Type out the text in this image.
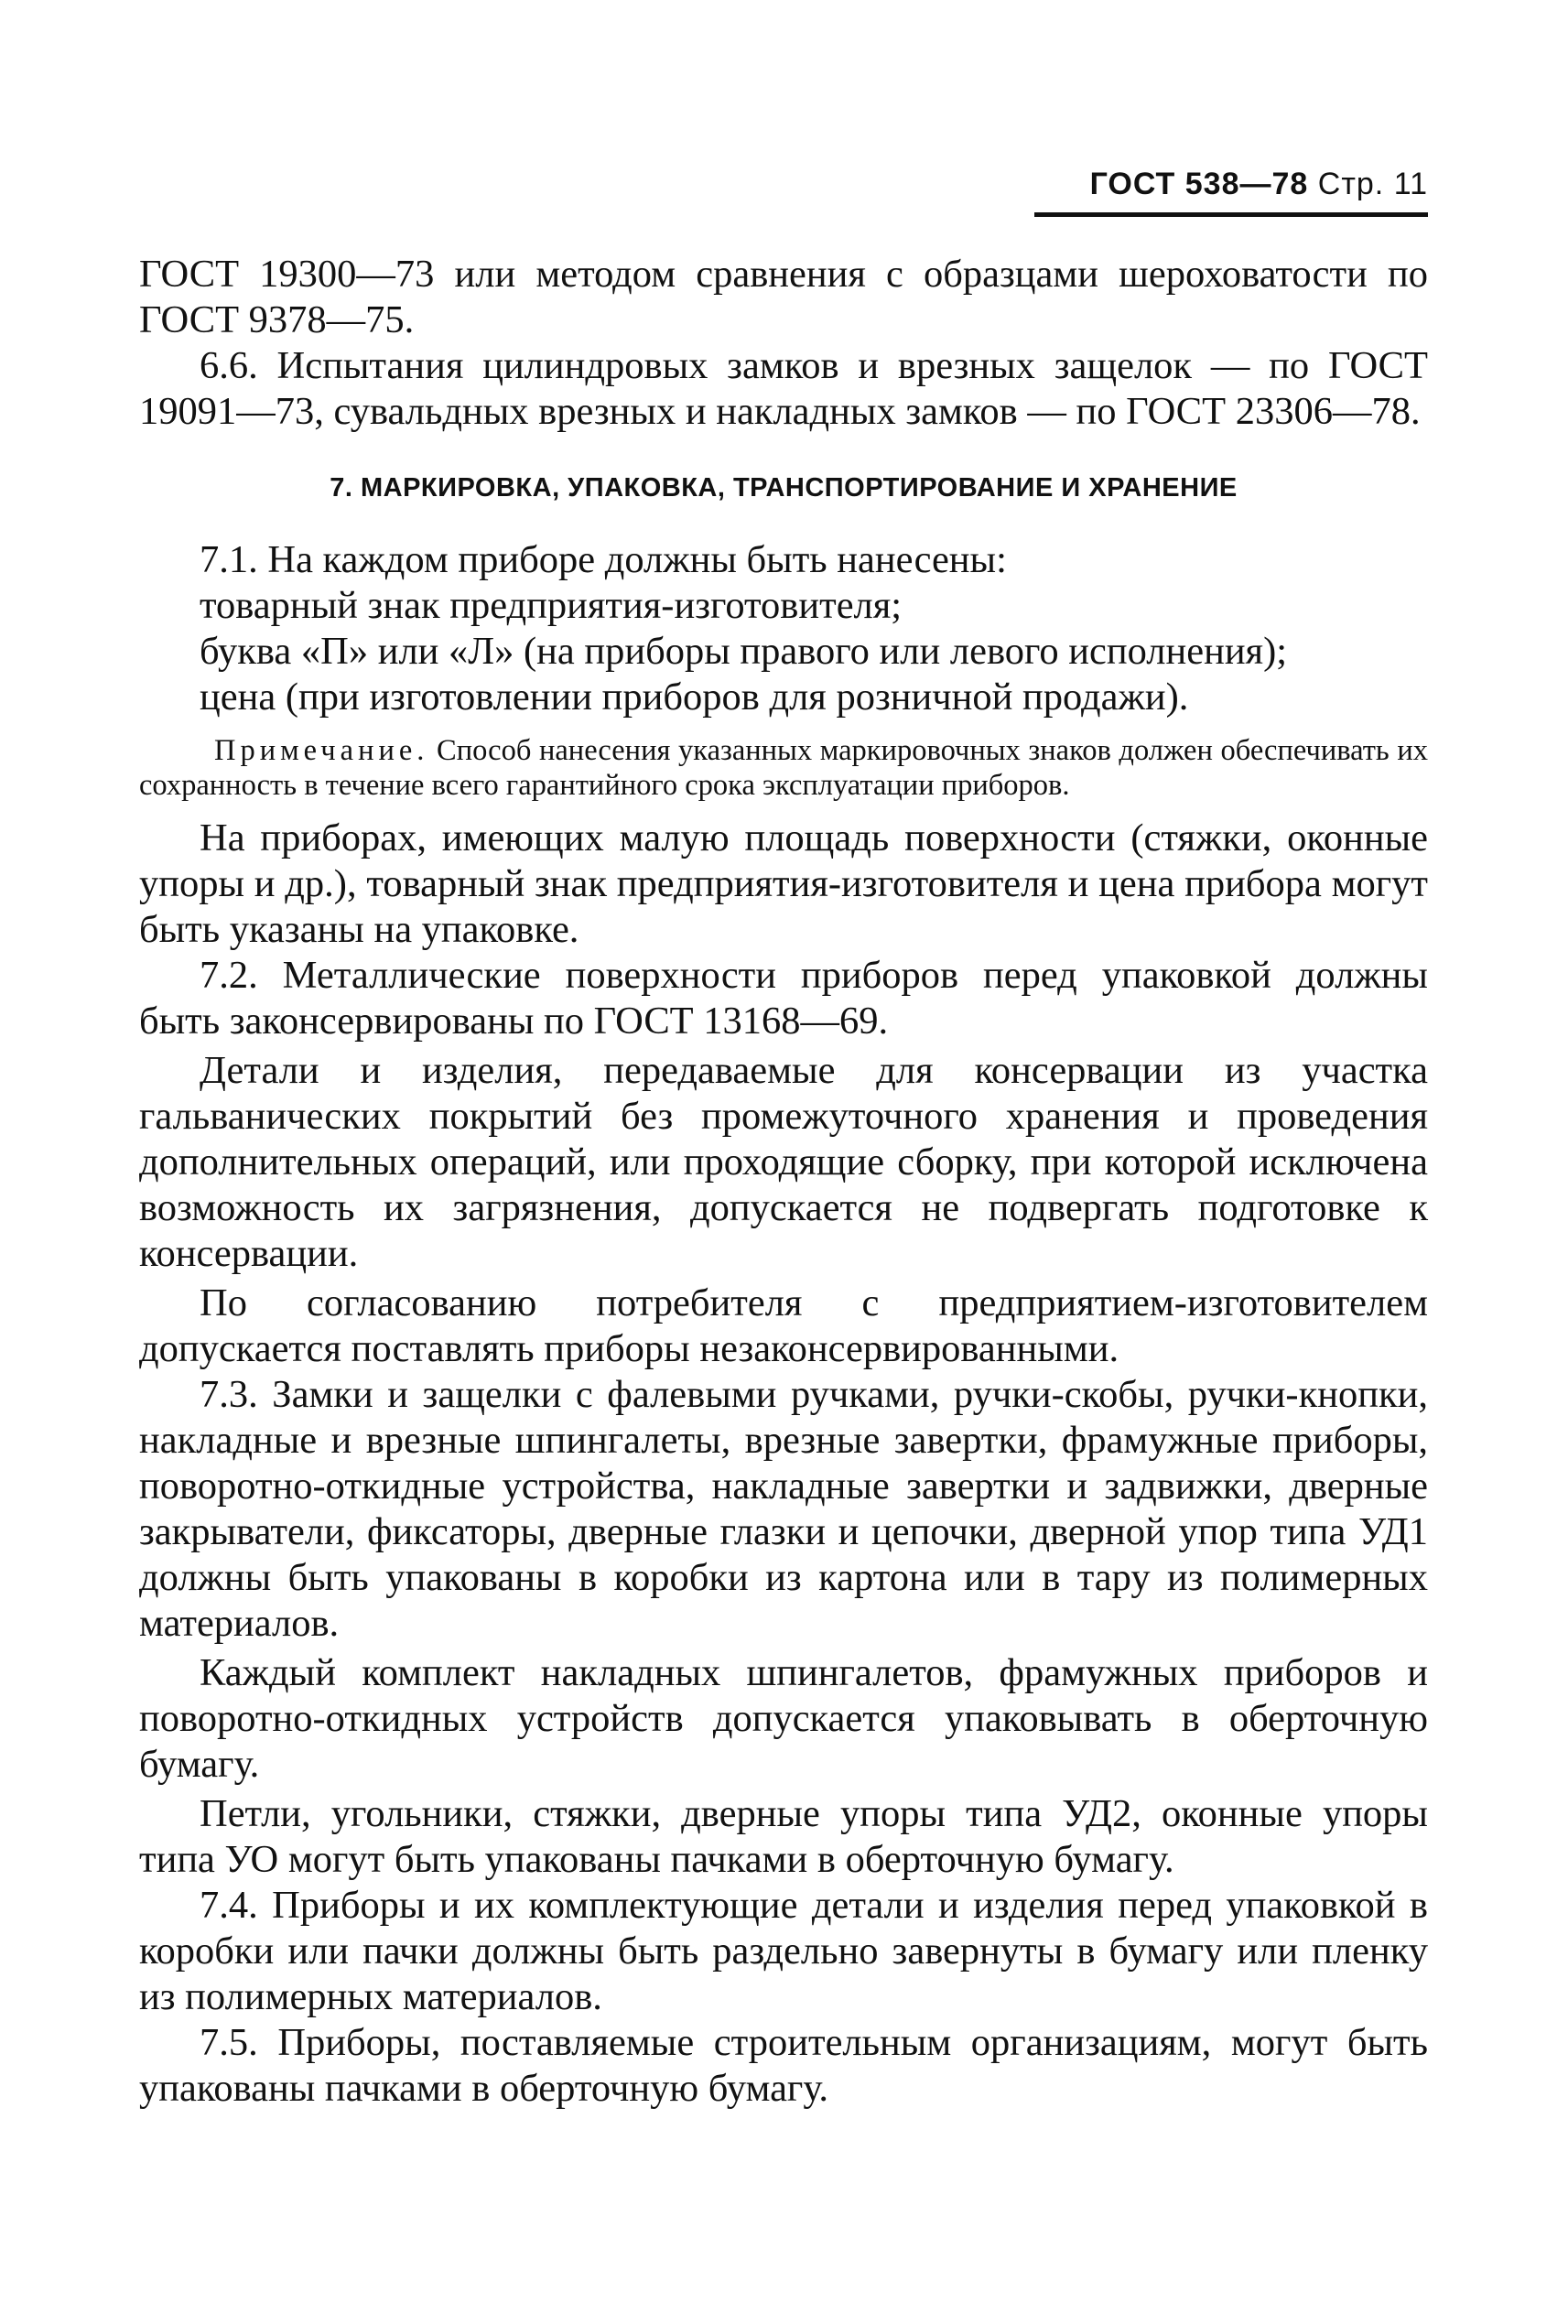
ГОСТ 538—78 Стр. 11

ГОСТ 19300—73 или методом сравнения с образцами шероховатости по ГОСТ 9378—75.

6.6. Испытания цилиндровых замков и врезных защелок — по ГОСТ 19091—73, сувальдных врезных и накладных замков — по ГОСТ 23306—78.

7. МАРКИРОВКА, УПАКОВКА, ТРАНСПОРТИРОВАНИЕ И ХРАНЕНИЕ

7.1. На каждом приборе должны быть нанесены:

товарный знак предприятия-изготовителя;

буква «П» или «Л» (на приборы правого или левого исполнения);

цена (при изготовлении приборов для розничной продажи).

Примечание. Способ нанесения указанных маркировочных знаков должен обеспечивать их сохранность в течение всего гарантийного срока эксплуатации приборов.

На приборах, имеющих малую площадь поверхности (стяжки, оконные упоры и др.), товарный знак предприятия-изготовителя и цена прибора могут быть указаны на упаковке.

7.2. Металлические поверхности приборов перед упаковкой должны быть законсервированы по ГОСТ 13168—69.

Детали и изделия, передаваемые для консервации из участка гальванических покрытий без промежуточного хранения и проведения дополнительных операций, или проходящие сборку, при которой исключена возможность их загрязнения, допускается не подвергать подготовке к консервации.

По согласованию потребителя с предприятием-изготовителем допускается поставлять приборы незаконсервированными.

7.3. Замки и защелки с фалевыми ручками, ручки-скобы, ручки-кнопки, накладные и врезные шпингалеты, врезные завертки, фрамужные приборы, поворотно-откидные устройства, накладные завертки и задвижки, дверные закрыватели, фиксаторы, дверные глазки и цепочки, дверной упор типа УД1 должны быть упакованы в коробки из картона или в тару из полимерных материалов.

Каждый комплект накладных шпингалетов, фрамужных приборов и поворотно-откидных устройств допускается упаковывать в оберточную бумагу.

Петли, угольники, стяжки, дверные упоры типа УД2, оконные упоры типа УО могут быть упакованы пачками в оберточную бумагу.

7.4. Приборы и их комплектующие детали и изделия перед упаковкой в коробки или пачки должны быть раздельно завернуты в бумагу или пленку из полимерных материалов.

7.5. Приборы, поставляемые строительным организациям, могут быть упакованы пачками в оберточную бумагу.
